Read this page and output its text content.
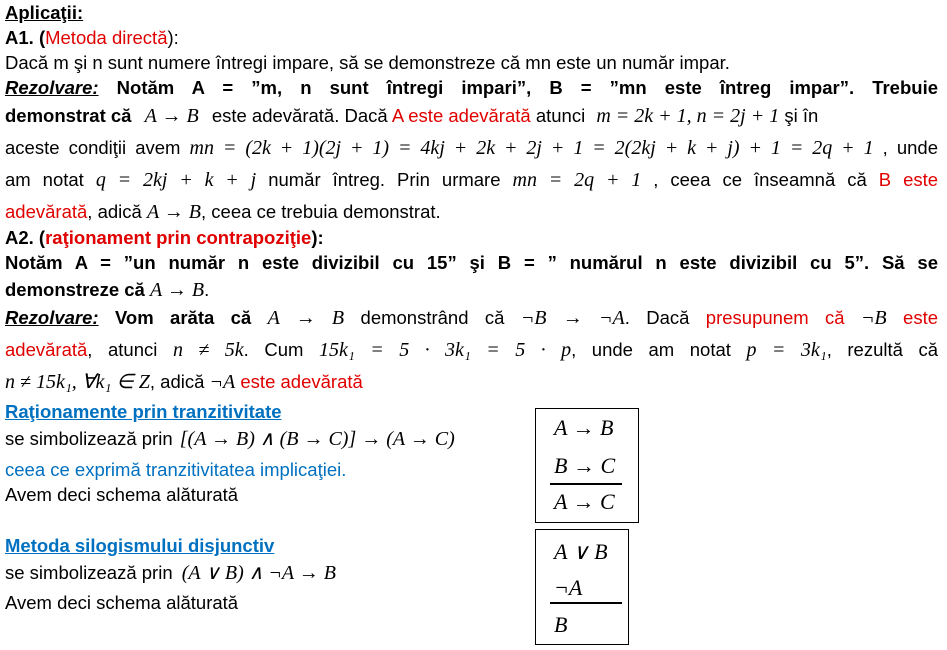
Aplicaţii:
A1. (Metoda directă):
Dacă m şi n sunt numere întregi impare, să se demonstreze că mn este un număr impar.
Rezolvare: Notăm A = ”m, n sunt întregi impari”, B = ”mn este întreg impar”. Trebuie
demonstrat că A → B este adevărată. Dacă A este adevărată atunci m = 2k + 1, n = 2j + 1 şi în
aceste condiţii avem mn = (2k + 1)(2j + 1) = 4kj + 2k + 2j + 1 = 2(2kj + k + j) + 1 = 2q + 1 , unde
am notat q = 2kj + k + j număr întreg. Prin urmare mn = 2q + 1 , ceea ce înseamnă că B este
adevărată, adică A → B, ceea ce trebuia demonstrat.
A2. (raţionament prin contrapoziţie):
Notăm A = ”un număr n este divizibil cu 15” şi B = ” numărul n este divizibil cu 5”. Să se
demonstreze că A → B.
Rezolvare: Vom arăta că A → B demonstrând că ¬B → ¬A. Dacă presupunem că ¬B este
adevărată, atunci n ≠ 5k. Cum 15k₁ = 5 · 3k₁ = 5 · p, unde am notat p = 3k₁, rezultă că
n ≠ 15k₁, ∀k₁ ∈ Z, adică ¬A este adevărată
Raţionamente prin tranzitivitate
se simbolizează prin [(A → B) ∧ (B → C)] → (A → C)
ceea ce exprimă tranzitivitatea implicaţiei.
Avem deci schema alăturată
A → B
B → C
A → C
Metoda silogismului disjunctiv
se simbolizează prin (A ∨ B) ∧ ¬A → B
Avem deci schema alăturată
A ∨ B
¬A
B
